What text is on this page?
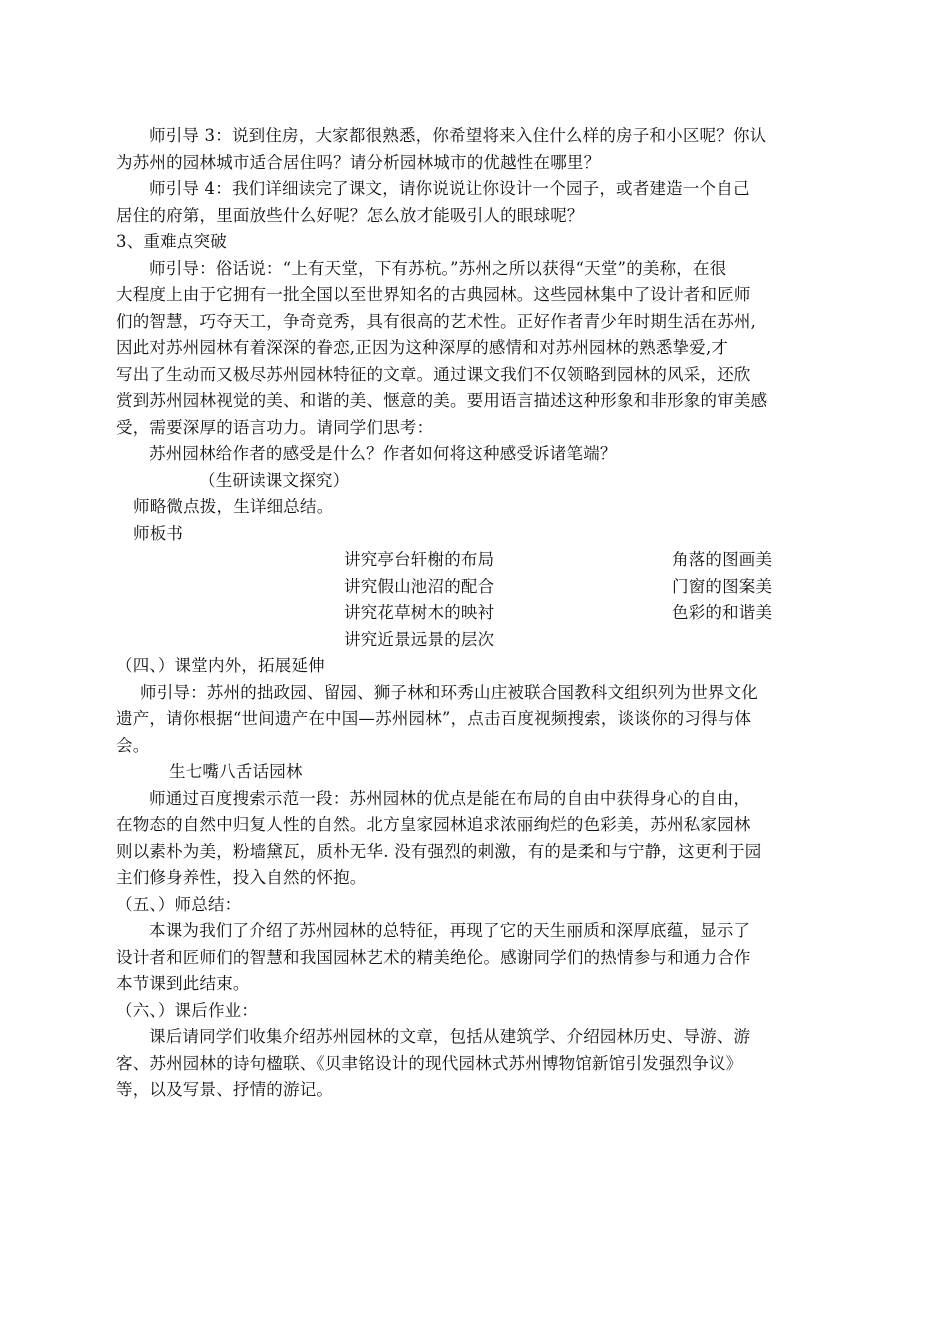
师引导 3：说到住房，大家都很熟悉，你希望将来入住什么样的房子和小区呢？你认
为苏州的园林城市适合居住吗？请分析园林城市的优越性在哪里？
师引导 4：我们详细读完了课文，请你说说让你设计一个园子，或者建造一个自己
居住的府第，里面放些什么好呢？怎么放才能吸引人的眼球呢？
3、重难点突破
师引导：俗话说：“上有天堂，下有苏杭。”苏州之所以获得“天堂”的美称，在很
大程度上由于它拥有一批全国以至世界知名的古典园林。这些园林集中了设计者和匠师
们的智慧，巧夺天工，争奇竞秀，具有很高的艺术性。正好作者青少年时期生活在苏州,
因此对苏州园林有着深深的眷恋,正因为这种深厚的感情和对苏州园林的熟悉挚爱,才
写出了生动而又极尽苏州园林特征的文章。通过课文我们不仅领略到园林的风采，还欣
赏到苏州园林视觉的美、和谐的美、惬意的美。要用语言描述这种形象和非形象的审美感
受，需要深厚的语言功力。请同学们思考：
苏州园林给作者的感受是什么？作者如何将这种感受诉诸笔端？
（生研读课文探究）
师略微点拨，生详细总结。
师板书
讲究亭台轩榭的布局
讲究假山池沼的配合
讲究花草树木的映衬
讲究近景远景的层次
角落的图画美
门窗的图案美
色彩的和谐美
（四、）课堂内外，拓展延伸
师引导：苏州的拙政园、留园、狮子林和环秀山庄被联合国教科文组织列为世界文化
遗产，请你根据“世间遗产在中国—苏州园林”，点击百度视频搜索，谈谈你的习得与体
会。
生七嘴八舌话园林
师通过百度搜索示范一段：苏州园林的优点是能在布局的自由中获得身心的自由，
在物态的自然中归复人性的自然。北方皇家园林追求浓丽绚烂的色彩美，苏州私家园林
则以素朴为美，粉墙黛瓦，质朴无华. 没有强烈的刺激，有的是柔和与宁静，这更利于园
主们修身养性，投入自然的怀抱。
（五、）师总结：
本课为我们了介绍了苏州园林的总特征，再现了它的天生丽质和深厚底蕴，显示了
设计者和匠师们的智慧和我国园林艺术的精美绝伦。感谢同学们的热情参与和通力合作
本节课到此结束。
（六、）课后作业：
课后请同学们收集介绍苏州园林的文章，包括从建筑学、介绍园林历史、导游、游
客、苏州园林的诗句楹联、《贝聿铭设计的现代园林式苏州博物馆新馆引发强烈争议》
等，以及写景、抒情的游记。
